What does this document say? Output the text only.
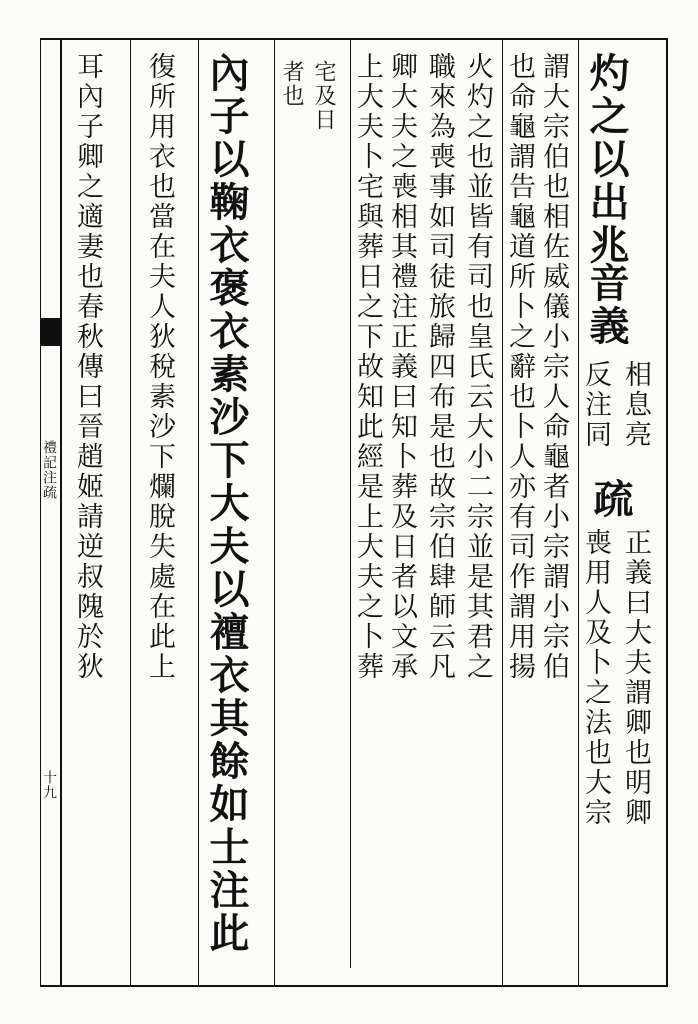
禮記注疏
十九
灼之以出兆
音義
相息亮
反注同
疏
正義曰大夫謂卿也明卿
喪用人及卜之法也大宗
謂大宗伯也相佐威儀小宗人命龜者小宗謂小宗伯
也命龜謂告龜道所卜之辭也卜人亦有司作謂用揚
火灼之也並皆有司也皇氏云大小二宗並是其君之
職來為喪事如司徒旅歸四布是也故宗伯肆師云凡
卿大夫之喪相其禮注正義曰知卜葬及日者以文承
上大夫卜宅與葬日之下故知此經是上大夫之卜葬
宅及日
者也
內子以鞠衣褒衣素沙下大夫以襢衣其餘如士注此
復所用衣也當在夫人狄稅素沙下爛脫失處在此上
耳內子卿之適妻也春秋傳曰晉趙姬請逆叔隗於狄
